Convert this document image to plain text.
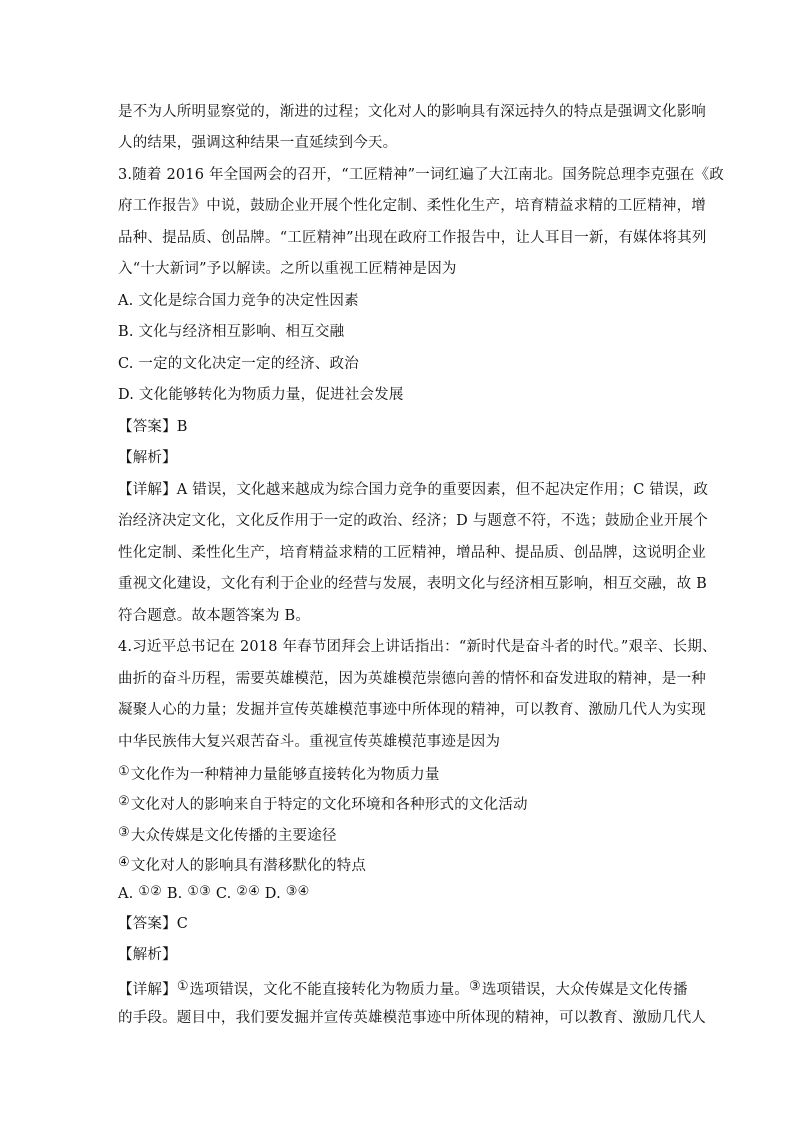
是不为人所明显察觉的，渐进的过程；文化对人的影响具有深远持久的特点是强调文化影响
人的结果，强调这种结果一直延续到今天。
3.随着 2016 年全国两会的召开，“工匠精神”一词红遍了大江南北。国务院总理李克强在《政
府工作报告》中说，鼓励企业开展个性化定制、柔性化生产，培育精益求精的工匠精神，增
品种、提品质、创品牌。“工匠精神”出现在政府工作报告中，让人耳目一新，有媒体将其列
入“十大新词”予以解读。之所以重视工匠精神是因为
A. 文化是综合国力竞争的决定性因素
B. 文化与经济相互影响、相互交融
C. 一定的文化决定一定的经济、政治
D. 文化能够转化为物质力量，促进社会发展
【答案】B
【解析】
【详解】A 错误，文化越来越成为综合国力竞争的重要因素，但不起决定作用；C 错误，政
治经济决定文化，文化反作用于一定的政治、经济；D 与题意不符，不选；鼓励企业开展个
性化定制、柔性化生产，培育精益求精的工匠精神，增品种、提品质、创品牌，这说明企业
重视文化建设，文化有利于企业的经营与发展，表明文化与经济相互影响，相互交融，故 B
符合题意。故本题答案为 B。
4.习近平总书记在 2018 年春节团拜会上讲话指出：“新时代是奋斗者的时代。”艰辛、长期、
曲折的奋斗历程，需要英雄模范，因为英雄模范崇德向善的情怀和奋发进取的精神，是一种
凝聚人心的力量；发掘并宣传英雄模范事迹中所体现的精神，可以教育、激励几代人为实现
中华民族伟大复兴艰苦奋斗。重视宣传英雄模范事迹是因为
①文化作为一种精神力量能够直接转化为物质力量
②文化对人的影响来自于特定的文化环境和各种形式的文化活动
③大众传媒是文化传播的主要途径
④文化对人的影响具有潜移默化的特点
A. ①② B. ①③ C. ②④ D. ③④
【答案】C
【解析】
【详解】①选项错误，文化不能直接转化为物质力量。③选项错误，大众传媒是文化传播
的手段。题目中，我们要发掘并宣传英雄模范事迹中所体现的精神，可以教育、激励几代人
